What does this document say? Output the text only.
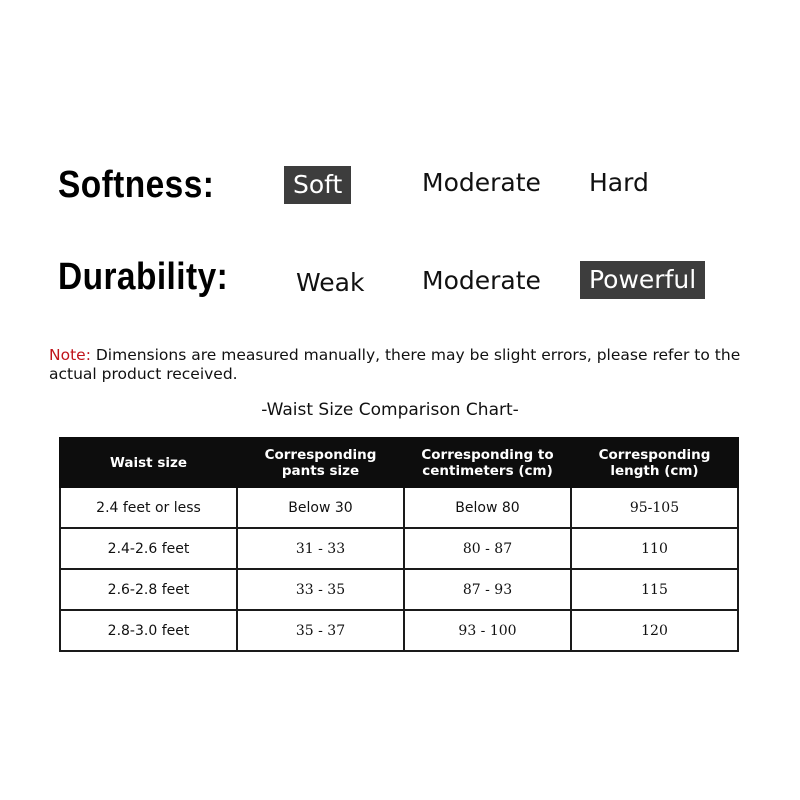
Softness:	Soft	Moderate Hard
Durability:	Weak Moderate	Powerful
Note: Dimensions are measured manually, there may be slight errors, please refer to the actual product received.
-Waist Size Comparison Chart-
Waist size	Corresponding pants size	Corresponding to centimeters (cm)	Corresponding length (cm)
2.4 feet or less	Below 30	Below 80	95-105
2.4-2.6 feet	31 - 33	80 - 87	110
2.6-2.8 feet	33 - 35	87 - 93	115
2.8-3.0 feet	35 - 37	93 - 100	120
